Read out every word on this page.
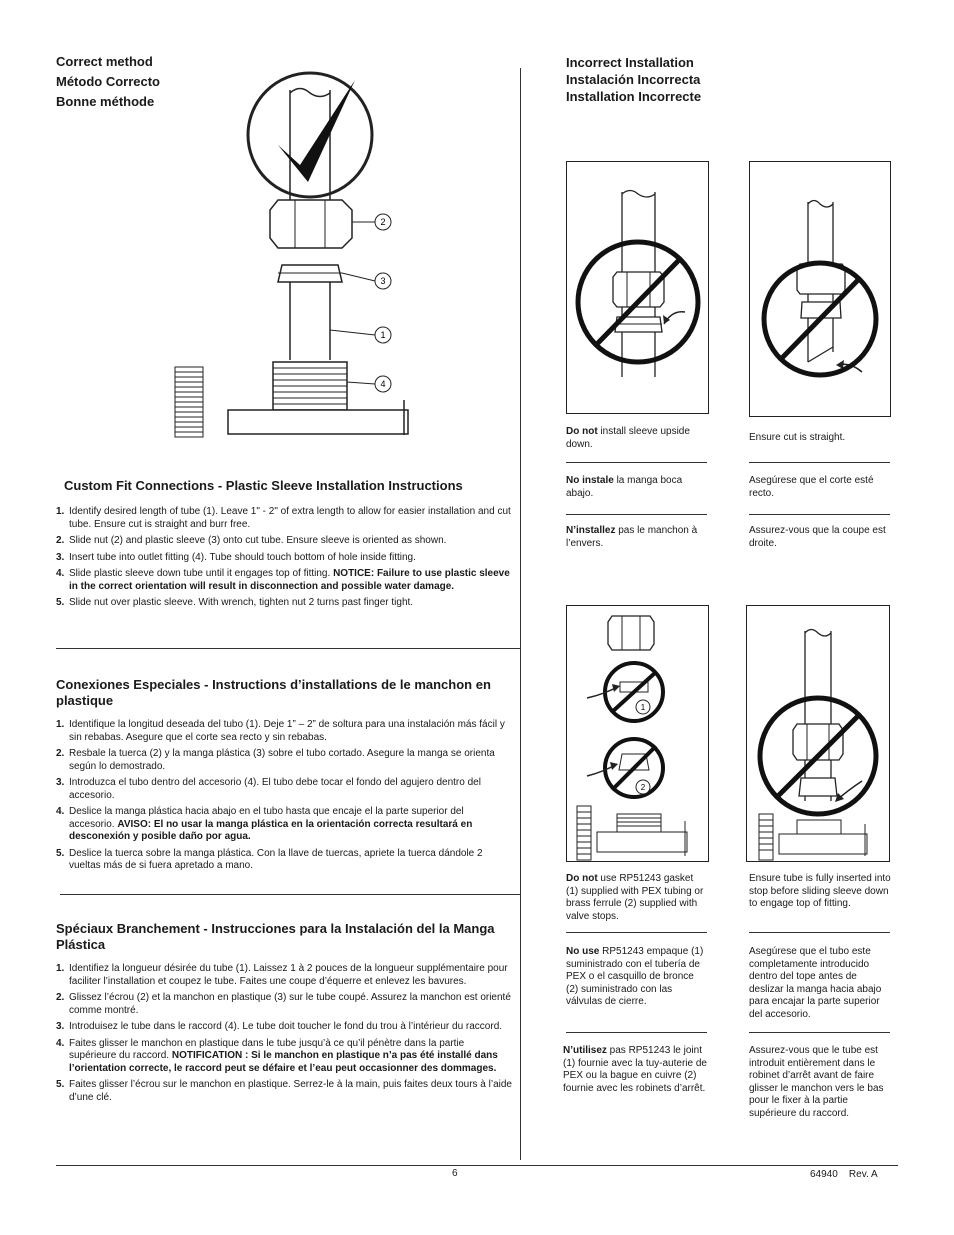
Correct method
Método Correcto
Bonne méthode
2
3
1
4
Custom Fit Connections - Plastic Sleeve Installation Instructions
1. Identify desired length of tube (1). Leave 1" - 2" of extra length to allow for easier installation and cut tube. Ensure cut is straight and burr free.
2. Slide nut (2) and plastic sleeve (3) onto cut tube. Ensure sleeve is oriented as shown.
3. Insert tube into outlet fitting (4). Tube should touch bottom of hole inside fitting.
4. Slide plastic sleeve down tube until it engages top of fitting. NOTICE: Failure to use plastic sleeve in the correct orientation will result in disconnection and possible water damage.
5. Slide nut over plastic sleeve. With wrench, tighten nut 2 turns past finger tight.
Conexiones Especiales - Instructions d’installations de le manchon en plastique
1. Identifique la longitud deseada del tubo (1). Deje 1” – 2” de soltura para una instalación más fácil y sin rebabas. Asegure que el corte sea recto y sin rebabas.
2. Resbale la tuerca (2) y la manga plástica (3) sobre el tubo cortado. Asegure la manga se orienta según lo demostrado.
3. Introduzca el tubo dentro del accesorio (4). El tubo debe tocar el fondo del agujero dentro del accesorio.
4. Deslice la manga plástica hacia abajo en el tubo hasta que encaje el la parte superior del accesorio. AVISO: El no usar la manga plástica en la orientación correcta resultará en desconexión y posible daño por agua.
5. Deslice la tuerca sobre la manga plástica. Con la llave de tuercas, apriete la tuerca dándole 2 vueltas más de si fuera apretado a mano.
Spéciaux Branchement - Instrucciones para la Instalación del la Manga Plástica
1. Identifiez la longueur désirée du tube (1). Laissez 1 à 2 pouces de la longueur supplémentaire pour faciliter l’installation et coupez le tube. Faites une coupe d’équerre et enlevez les bavures.
2. Glissez l’écrou (2) et la manchon en plastique (3) sur le tube coupé. Assurez la manchon est orienté comme montré.
3. Introduisez le tube dans le raccord (4). Le tube doit toucher le fond du trou à l’intérieur du raccord.
4. Faites glisser le manchon en plastique dans le tube jusqu’à ce qu’il pénètre dans la partie supérieure du raccord. NOTIFICATION : Si le manchon en plastique n’a pas été installé dans l’orientation correcte, le raccord peut se défaire et l’eau peut occasionner des dommages.
5. Faites glisser l’écrou sur le manchon en plastique. Serrez-le à la main, puis faites deux tours à l’aide d’une clé.
Incorrect Installation
Instalación Incorrecta
Installation Incorrecte
Do not install sleeve upside down.
Ensure cut is straight.
No instale la manga boca abajo.
Asegúrese que el corte esté recto.
N’installez pas le manchon à l’envers.
Assurez-vous que la coupe est droite.
1
2
Do not use RP51243 gasket (1) supplied with PEX tubing or brass ferrule (2) supplied with valve stops.
Ensure tube is fully inserted into stop before sliding sleeve down to engage top of fitting.
No use RP51243 empaque (1) suministrado con el tubería de PEX o el casquillo de bronce (2) suministrado con las válvulas de cierre.
Asegúrese que el tubo este completamente introducido dentro del tope antes de deslizar la manga hacia abajo para encajar la parte superior del accesorio.
N’utilisez pas RP51243 le joint (1) fournie avec la tuy-auterie de PEX ou la bague en cuivre (2) fournie avec les robinets d’arrêt.
Assurez-vous que le tube est introduit entièrement dans le robinet d’arrêt avant de faire glisser le manchon vers le bas pour le fixer à la partie supérieure du raccord.
6	64940    Rev. A
